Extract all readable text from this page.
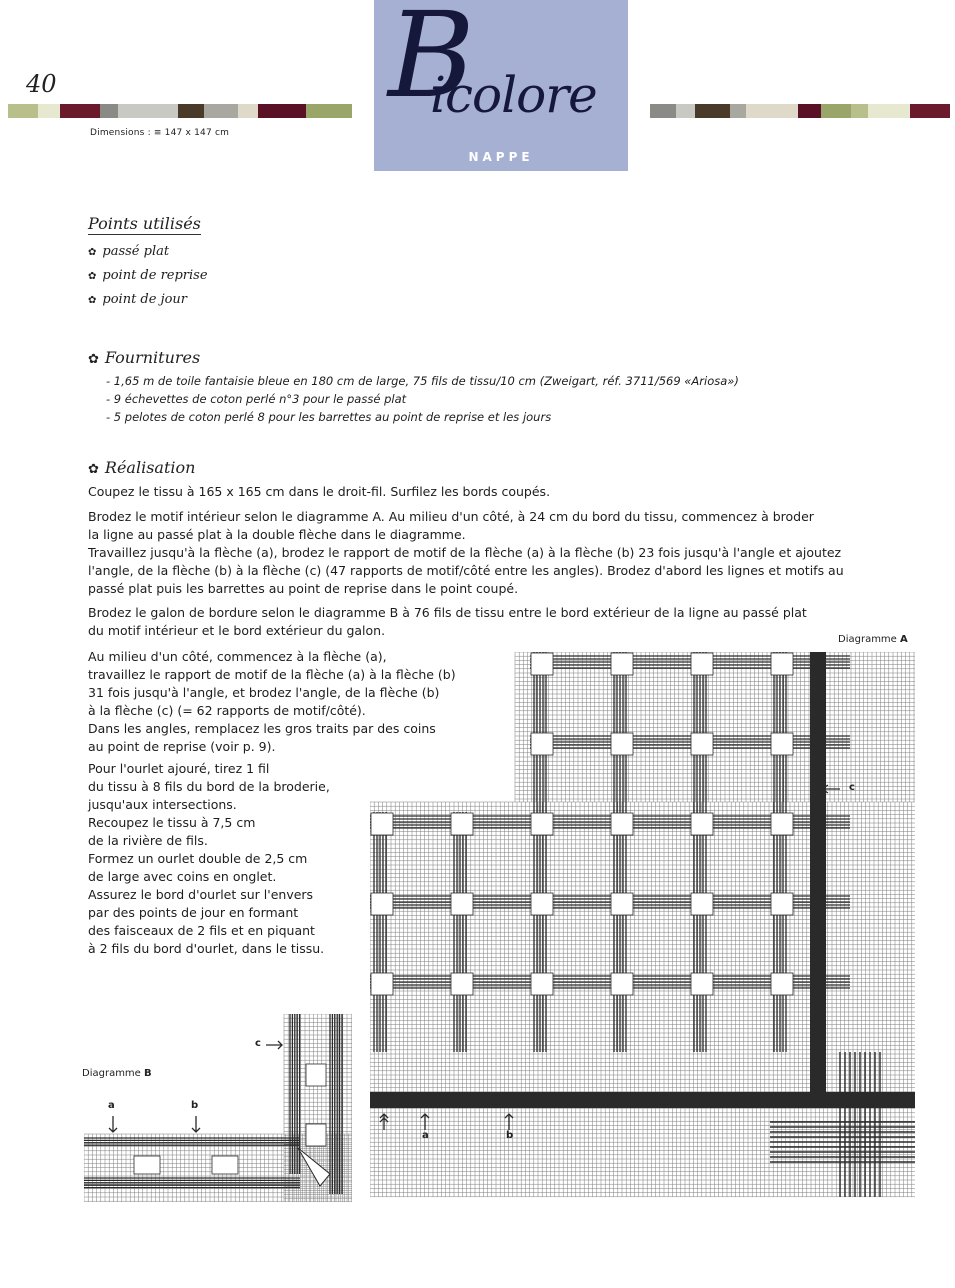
40
Dimensions : ≡ 147 x 147 cm
B
icolore
NAPPE
Points utilisés
✿ passé plat
✿ point de reprise
✿ point de jour
✿ Fournitures
- 1,65 m de toile fantaisie bleue en 180 cm de large, 75 fils de tissu/10 cm (Zweigart, réf. 3711/569 «Ariosa»)
- 9 échevettes de coton perlé n°3 pour le passé plat
- 5 pelotes de coton perlé 8 pour les barrettes au point de reprise et les jours
✿ Réalisation

Coupez le tissu à 165 x 165 cm dans le droit-fil. Surfilez les bords coupés.

Brodez le motif intérieur selon le diagramme A. Au milieu d'un côté, à 24 cm du bord du tissu, commencez à broder
la ligne au passé plat à la double flèche dans le diagramme.
Travaillez jusqu'à la flèche (a), brodez le rapport de motif de la flèche (a) à la flèche (b) 23 fois jusqu'à l'angle et ajoutez
l'angle, de la flèche (b) à la flèche (c) (47 rapports de motif/côté entre les angles). Brodez d'abord les lignes et motifs au
passé plat puis les barrettes au point de reprise dans le point coupé.
Brodez le galon de bordure selon le diagramme B à 76 fils de tissu entre le bord extérieur de la ligne au passé plat
du motif intérieur et le bord extérieur du galon.
Au milieu d'un côté, commencez à la flèche (a),
travaillez le rapport de motif de la flèche (a) à la flèche (b)
31 fois jusqu'à l'angle, et brodez l'angle, de la flèche (b)
à la flèche (c) (= 62 rapports de motif/côté).
Dans les angles, remplacez les gros traits par des coins
au point de reprise (voir p. 9).
Pour l'ourlet ajouré, tirez 1 fil
du tissu à 8 fils du bord de la broderie,
jusqu'aux intersections.
Recoupez le tissu à 7,5 cm
de la rivière de fils.
Formez un ourlet double de 2,5 cm
de large avec coins en onglet.
Assurez le bord d'ourlet sur l'envers
par des points de jour en formant
des faisceaux de 2 fils et en piquant
à 2 fils du bord d'ourlet, dans le tissu.
Diagramme A
c
a	b
Diagramme B
a	b
c
